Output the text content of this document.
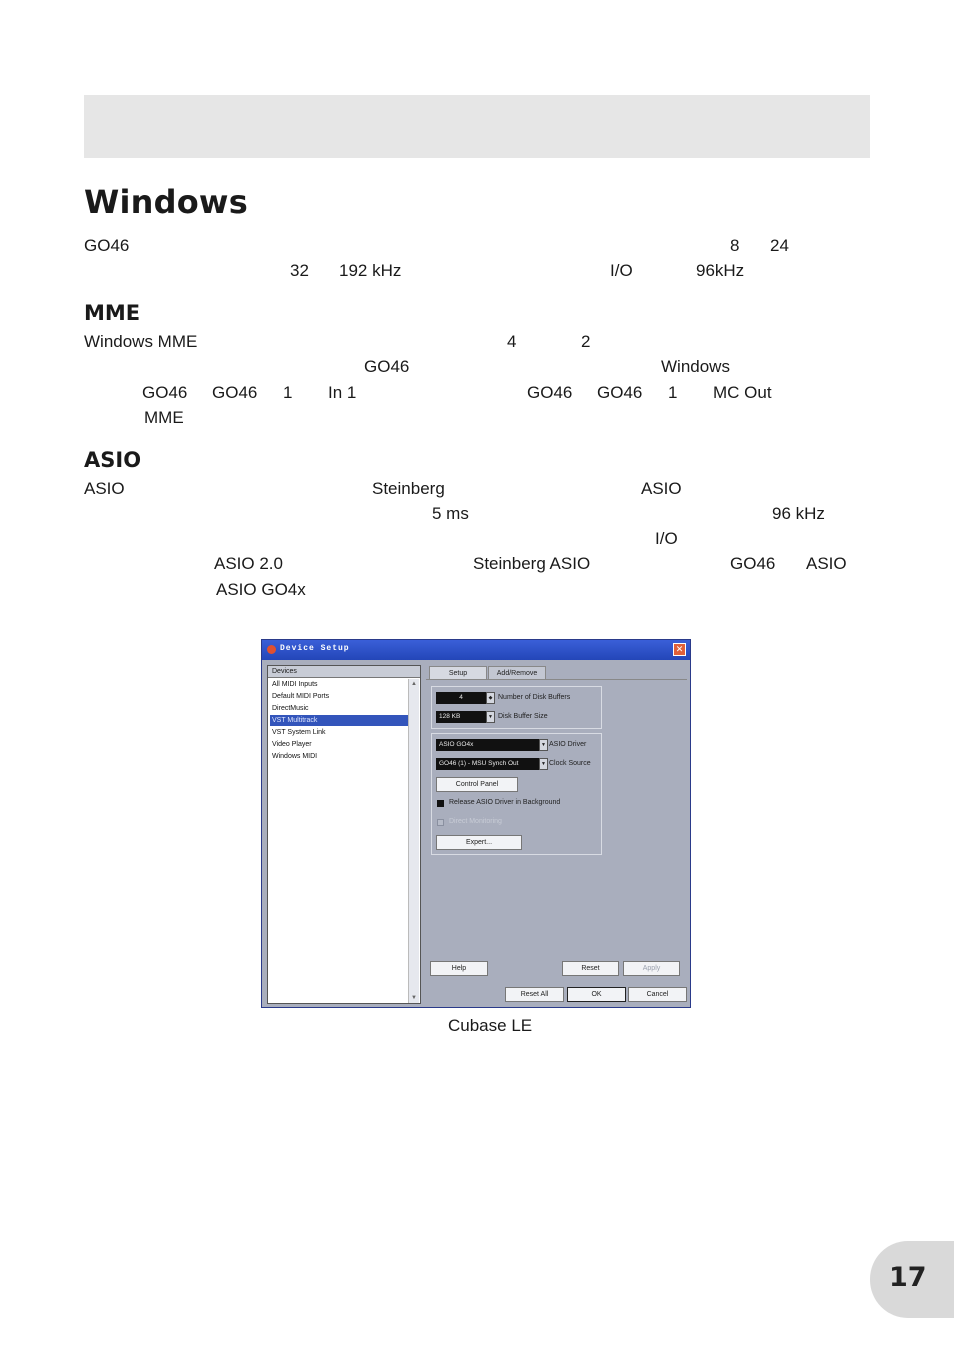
Windows
GO46	8 24
32 192 kHz	I/O	96kHz
MME
Windows MME	4	2
GO46	Windows
GO46 GO46 1 In 1	GO46 GO46 1 MC Out
MME
ASIO
ASIO	Steinberg	ASIO
5 ms	96 kHz
I/O
ASIO 2.0	Steinberg ASIO	GO46 ASIO
ASIO GO4x
Device Setup	✕
Devices
All MIDI Inputs
Default MIDI Ports
DirectMusic
VST Multitrack
VST System Link
Video Player
Windows MIDI
▲
▼
Setup	Add/Remove
4	◆ Number of Disk Buffers
128 KB	▼ Disk Buffer Size
ASIO GO4x	▼ ASIO Driver
GO46 (1) - MSU Synch Out	▼ Clock Source
Control Panel
Release ASIO Driver in Background
Direct Monitoring
Expert...
Help	Reset	Apply
Reset All	OK	Cancel
Cubase LE
17
